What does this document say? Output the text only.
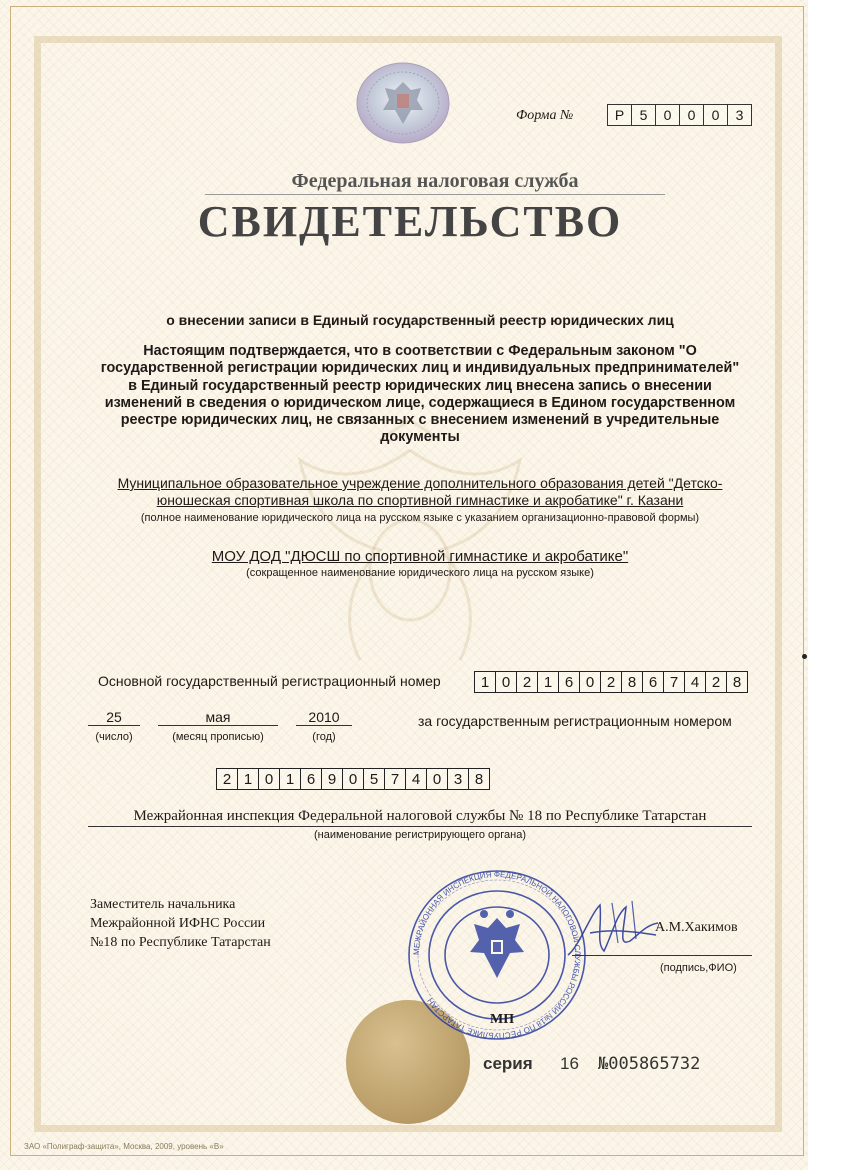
Форма №	Р	5	0	0	0	3
Федеральная налоговая служба
СВИДЕТЕЛЬСТВО
о внесении записи в Единый государственный реестр юридических лиц
Настоящим подтверждается, что в соответствии с Федеральным законом "О
государственной регистрации юридических лиц и индивидуальных предпринимателей"
в Единый государственный реестр юридических лиц внесена запись о внесении
изменений в сведения о юридическом лице, содержащиеся в Едином государственном
реестре юридических лиц, не связанных с внесением изменений в учредительные
документы
Муниципальное образовательное учреждение дополнительного образования детей "Детско-
юношеская спортивная школа по спортивной гимнастике и акробатике" г. Казани
(полное наименование юридического лица на русском языке с указанием организационно-правовой формы)
МОУ ДОД "ДЮСШ по спортивной гимнастике и акробатике"
(сокращенное наименование юридического лица на русском языке)
Основной государственный регистрационный номер	1 0 2 1 6 0 2 8 6 7 4 2 8
25
(число)
мая
(месяц прописью)
2010
(год)
за государственным регистрационным номером
2 1 0 1 6 9 0 5 7 4 0 3 8
Межрайонная инспекция Федеральной налоговой службы № 18 по Республике Татарстан
(наименование регистрирующего органа)
Заместитель начальника
Межрайонной ИФНС России
№18 по Республике Татарстан
МЕЖРАЙОННАЯ ИНСПЕКЦИЯ ФЕДЕРАЛЬНОЙ НАЛОГОВОЙ СЛУЖБЫ РОССИИ №18 ПО РЕСПУБЛИКЕ ТАТАРСТАН
А.М.Хакимов
(подпись,ФИО)
МП
серия 16 №005865732
ЗАО «Полиграф-защита», Москва, 2009, уровень «В»
